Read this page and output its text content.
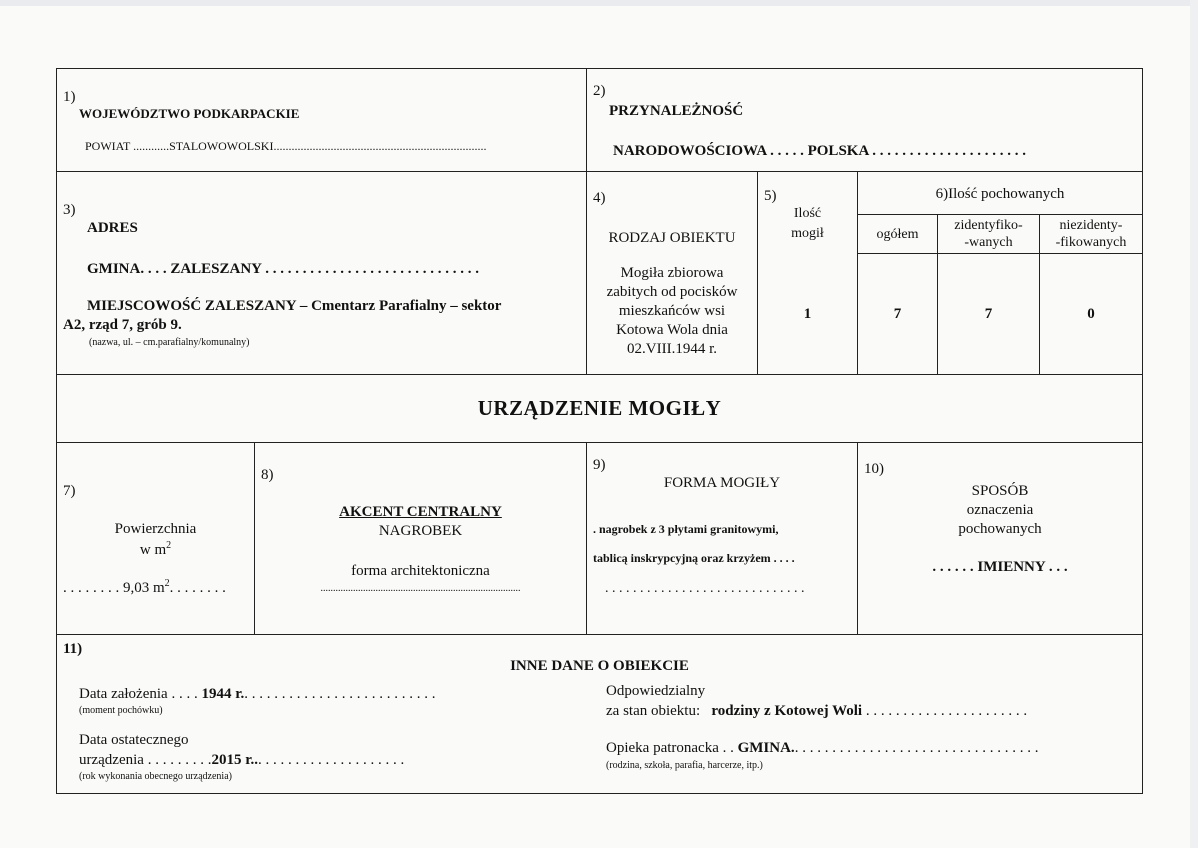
1)
WOJEWÓDZTWO PODKARPACKIE
POWIAT ............STALOWOWOLSKI.......................................................................
2)
PRZYNALEŻNOŚĆ
NARODOWOŚCIOWA . . . . . POLSKA . . . . . . . . . . . . . . . . . . . . .
3)
ADRES
GMINA. . . . ZALESZANY . . . . . . . . . . . . . . . . . . . . . . . . . . . . .
MIEJSCOWOŚĆ ZALESZANY – Cmentarz Parafialny – sektor
A2, rząd 7, grób 9.
(nazwa, ul. – cm.parafialny/komunalny)
4)
RODZAJ OBIEKTU
Mogiła zbiorowa
zabitych od pocisków
mieszkańców wsi
Kotowa Wola dnia
02.VIII.1944 r.
5)
Ilość
mogił
1
6)Ilość pochowanych
ogółem
zidentyfiko-
-wanych
niezidenty-
-fikowanych
7	7	0
URZĄDZENIE MOGIŁY
7)
Powierzchnia
w $m^2$
. . . . . . . . 9,03 $m^2$. . . . . . . .
8)
AKCENT CENTRALNY
NAGROBEK
forma architektoniczna
................................................................................
9)
FORMA MOGIŁY
. nagrobek z 3 płytami granitowymi,
tablicą inskrypcyjną oraz krzyżem . . . .
. . . . . . . . . . . . . . . . . . . . . . . . . . . . .
10)
SPOSÓB
oznaczenia
pochowanych
. . . . . . IMIENNY . . .
11)
INNE DANE O OBIEKCIE
Data założenia . . . . 1944 r.. . . . . . . . . . . . . . . . . . . . . . . . . .
(moment pochówku)
Data ostatecznego
urządzenia . . . . . . . . .2015 r... . . . . . . . . . . . . . . . . . . .
(rok wykonania obecnego urządzenia)
Odpowiedzialny
za stan obiektu: rodziny z Kotowej Woli . . . . . . . . . . . . . . . . . . . . . .
Opieka patronacka . . GMINA.. . . . . . . . . . . . . . . . . . . . . . . . . . . . . . . . .
(rodzina, szkoła, parafia, harcerze, itp.)
